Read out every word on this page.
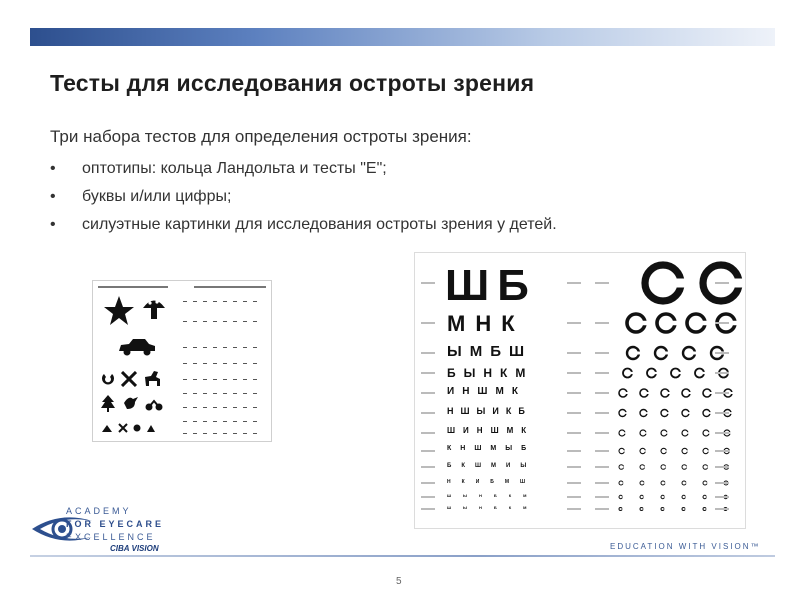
Тесты для исследования остроты зрения
Три набора тестов для определения остроты зрения:
• оптотипы: кольца Ландольта и тесты "Е";
• буквы и/или цифры;
• силуэтные картинки для исследования остроты зрения у детей.
Ш Б
М Н К
Ы М Б Ш
Б Ы Н К М
И Н Ш М К
Н Ш Ы И К Б
Ш И Н Ш М К
К Н Ш М Ы Б
Б К Ш М И Ы
Н К И Б М Ш
Ш Ы Н Б К М
Ш Ы Н Б К М
ACADEMY
FOR EYECARE
EXCELLENCE
CIBA VISION	EDUCATION WITH VISION™
5
